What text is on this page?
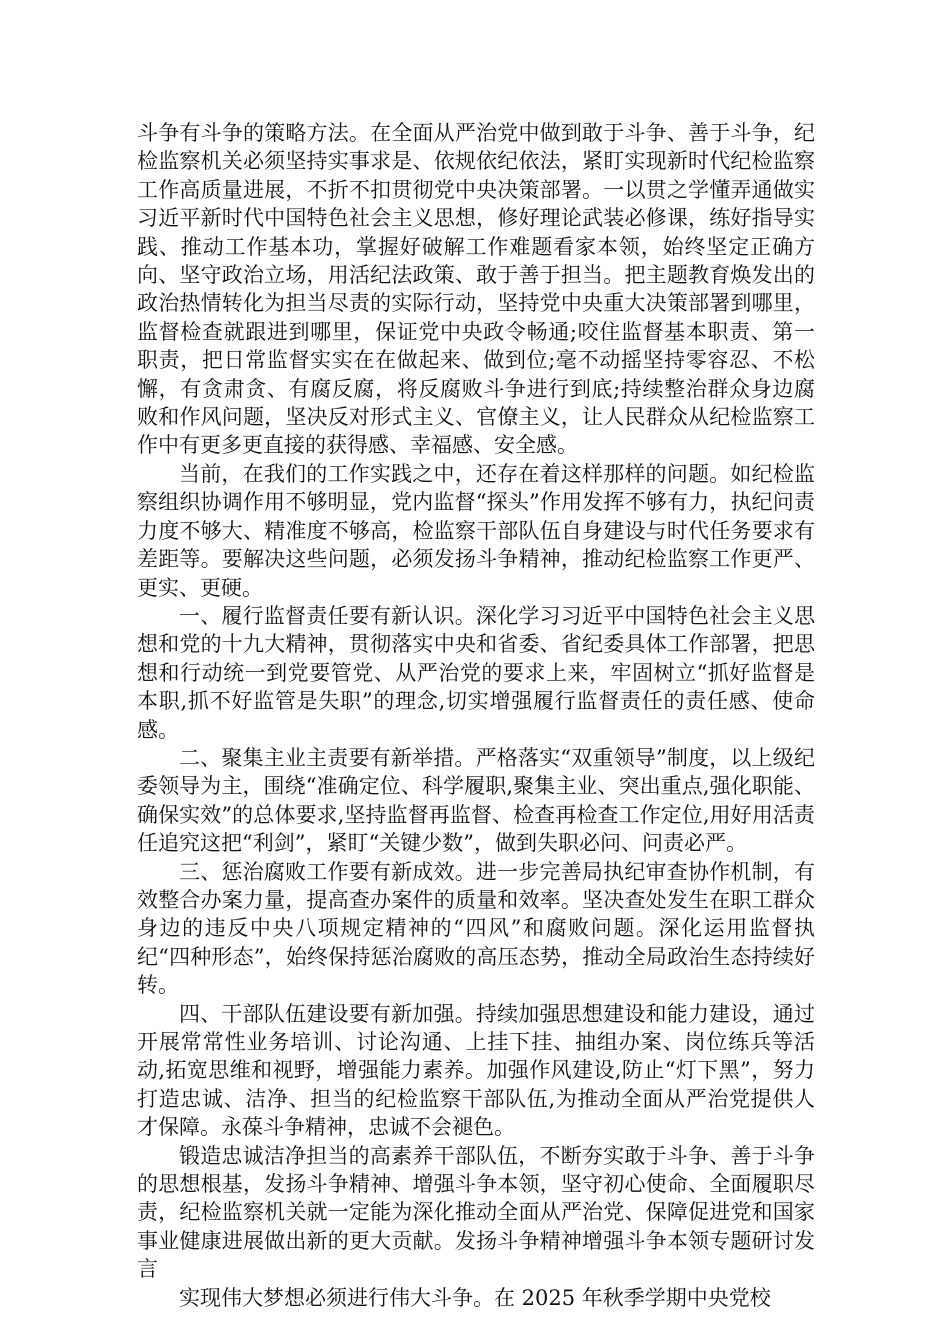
斗争有斗争的策略方法。在全面从严治党中做到敢于斗争、善于斗争，纪检监察机关必须坚持实事求是、依规依纪依法，紧盯实现新时代纪检监察工作高质量进展，不折不扣贯彻党中央决策部署。一以贯之学懂弄通做实习近平新时代中国特色社会主义思想，修好理论武装必修课，练好指导实践、推动工作基本功，掌握好破解工作难题看家本领，始终坚定正确方向、坚守政治立场，用活纪法政策、敢于善于担当。把主题教育焕发出的政治热情转化为担当尽责的实际行动，坚持党中央重大决策部署到哪里，监督检查就跟进到哪里，保证党中央政令畅通;咬住监督基本职责、第一职责，把日常监督实实在在做起来、做到位;毫不动摇坚持零容忍、不松懈，有贪肃贪、有腐反腐，将反腐败斗争进行到底;持续整治群众身边腐败和作风问题，坚决反对形式主义、官僚主义，让人民群众从纪检监察工作中有更多更直接的获得感、幸福感、安全感。

当前，在我们的工作实践之中，还存在着这样那样的问题。如纪检监察组织协调作用不够明显，党内监督“探头”作用发挥不够有力，执纪问责力度不够大、精准度不够高，检监察干部队伍自身建设与时代任务要求有差距等。要解决这些问题，必须发扬斗争精神，推动纪检监察工作更严、更实、更硬。

一、履行监督责任要有新认识。深化学习习近平中国特色社会主义思想和党的十九大精神，贯彻落实中央和省委、省纪委具体工作部署，把思想和行动统一到党要管党、从严治党的要求上来，牢固树立“抓好监督是本职,抓不好监管是失职”的理念,切实增强履行监督责任的责任感、使命感。

二、聚集主业主责要有新举措。严格落实“双重领导”制度，以上级纪委领导为主，围绕“准确定位、科学履职,聚集主业、突出重点,强化职能、确保实效”的总体要求,坚持监督再监督、检查再检查工作定位,用好用活责任追究这把“利剑”，紧盯“关键少数”，做到失职必问、问责必严。

三、惩治腐败工作要有新成效。进一步完善局执纪审查协作机制，有效整合办案力量，提高查办案件的质量和效率。坚决查处发生在职工群众身边的违反中央八项规定精神的“四风”和腐败问题。深化运用监督执纪“四种形态”，始终保持惩治腐败的高压态势，推动全局政治生态持续好转。

四、干部队伍建设要有新加强。持续加强思想建设和能力建设，通过开展常常性业务培训、讨论沟通、上挂下挂、抽组办案、岗位练兵等活动,拓宽思维和视野，增强能力素养。加强作风建设,防止“灯下黑”，努力打造忠诚、洁净、担当的纪检监察干部队伍,为推动全面从严治党提供人才保障。永葆斗争精神，忠诚不会褪色。

锻造忠诚洁净担当的高素养干部队伍，不断夯实敢于斗争、善于斗争的思想根基，发扬斗争精神、增强斗争本领，坚守初心使命、全面履职尽责，纪检监察机关就一定能为深化推动全面从严治党、保障促进党和国家事业健康进展做出新的更大贡献。发扬斗争精神增强斗争本领专题研讨发言

实现伟大梦想必须进行伟大斗争。在 2025 年秋季学期中央党校
